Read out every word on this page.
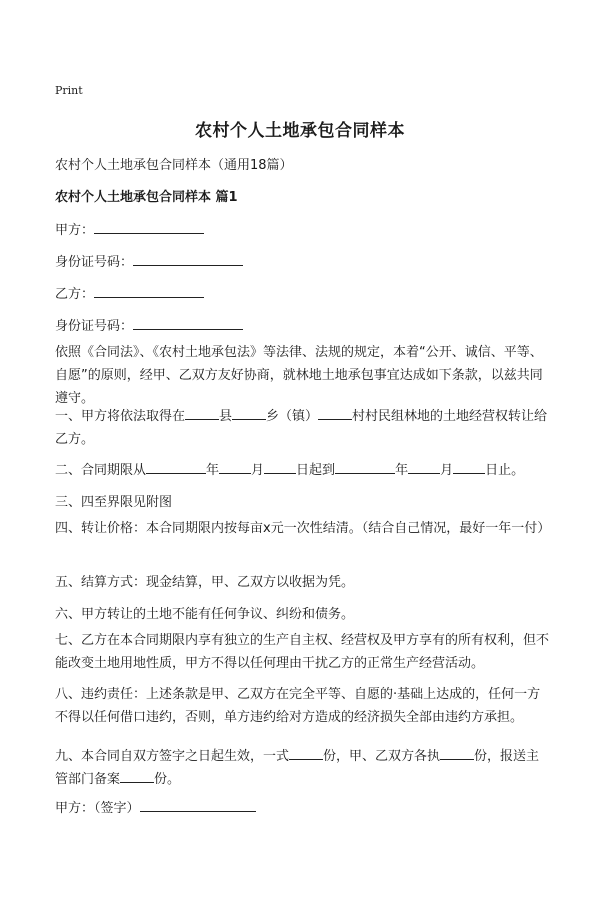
Print
农村个人土地承包合同样本
农村个人土地承包合同样本（通用18篇）
农村个人土地承包合同样本 篇1
甲方：
身份证号码：
乙方：
身份证号码：
依照《合同法》、《农村土地承包法》等法律、法规的规定，本着“公开、诚信、平等、自愿”的原则，经甲、乙双方友好协商，就林地土地承包事宜达成如下条款，以兹共同遵守。
一、甲方将依法取得在	县	乡（镇）	村村民组林地的土地经营权转让给乙方。
二、合同期限从	年 月 日起到	年 月 日止。
三、四至界限见附图
四、转让价格：本合同期限内按每亩x元一次性结清。（结合自己情况，最好一年一付）
五、结算方式：现金结算，甲、乙双方以收据为凭。
六、甲方转让的土地不能有任何争议、纠纷和债务。
七、乙方在本合同期限内享有独立的生产自主权、经营权及甲方享有的所有权利，但不能改变土地用地性质，甲方不得以任何理由干扰乙方的正常生产经营活动。
八、违约责任：上述条款是甲、乙双方在完全平等、自愿的·基础上达成的，任何一方不得以任何借口违约，否则，单方违约给对方造成的经济损失全部由违约方承担。
九、本合同自双方签字之日起生效，一式	份，甲、乙双方各执	份，报送主管部门备案	份。
甲方：（签字）
